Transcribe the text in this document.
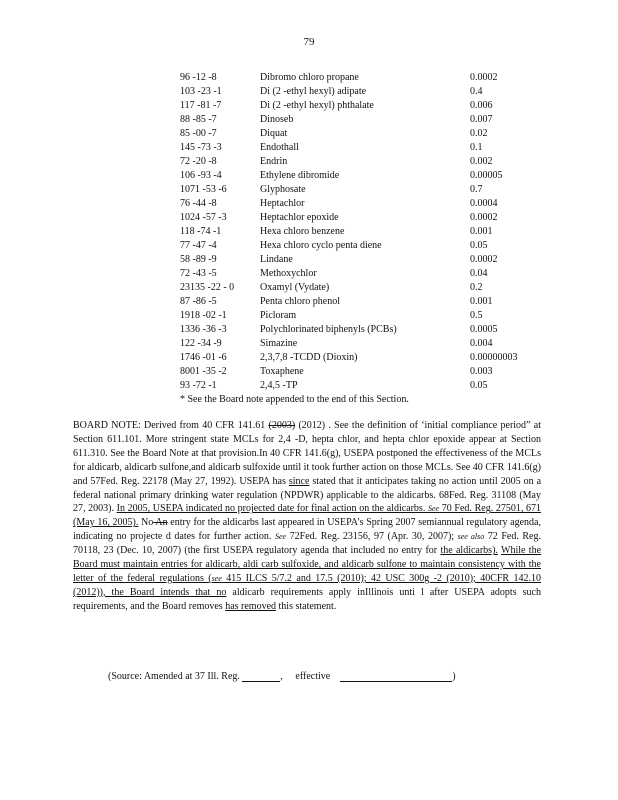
79
96 -12 -8	Dibromo chloro propane	0.0002
103 -23 -1	Di (2 -ethyl hexyl) adipate	0.4
117 -81 -7	Di (2 -ethyl hexyl) phthalate	0.006
88 -85 -7	Dinoseb	0.007
85 -00 -7	Diquat	0.02
145 -73 -3	Endothall	0.1
72 -20 -8	Endrin	0.002
106 -93 -4	Ethylene dibromide	0.00005
1071 -53 -6	Glyphosate	0.7
76 -44 -8	Heptachlor	0.0004
1024 -57 -3	Heptachlor epoxide	0.0002
118 -74 -1	Hexa chloro benzene	0.001
77 -47 -4	Hexa chloro cyclo penta diene	0.05
58 -89 -9	Lindane	0.0002
72 -43 -5	Methoxychlor	0.04
23135 -22 - 0	Oxamyl (Vydate)	0.2
87 -86 -5	Penta chloro phenol	0.001
1918 -02 -1	Picloram	0.5
1336 -36 -3	Polychlorinated biphenyls (PCBs)	0.0005
122 -34 -9	Simazine	0.004
1746 -01 -6	2,3,7,8 -TCDD (Dioxin)	0.00000003
8001 -35 -2	Toxaphene	0.003
93 -72 -1	2,4,5 -TP	0.05
* See the Board note appended to the end of this Section.
BOARD NOTE: Derived from 40 CFR 141.61 (2003) (2012) . See the definition of ‘initial compliance period” at Section 611.101. More stringent state MCLs for 2,4 -D, hepta chlor, and hepta chlor epoxide appear at Section 611.310. See the Board Note at that provision.In 40 CFR 141.6(g), USEPA postponed the effectiveness of the MCLs for aldicarb, aldicarb sulfone,and aldicarb sulfoxide until it took further action on those MCLs. See 40 CFR 141.6(g) and 57Fed. Reg. 22178 (May 27, 1992). USEPA has since stated that it anticipates taking no action until 2005 on a federal national primary drinking water regulation (NPDWR) applicable to the aldicarbs. 68Fed. Reg. 31108 (May 27, 2003). In 2005, USEPA indicated no projected date for final action on the aldicarbs. See 70 Fed. Reg. 27501, 671 (May 16, 2005). No An entry for the aldicarbs last appeared in USEPA’s Spring 2007 semiannual regulatory agenda, indicating no projecte d dates for further action. See 72Fed. Reg. 23156, 97 (Apr. 30, 2007); see also 72 Fed. Reg. 70118, 23 (Dec. 10, 2007) (the first USEPA regulatory agenda that included no entry for the aldicarbs). While the Board must maintain entries for aldicarb, aldi carb sulfoxide, and aldicarb sulfone to maintain consistency with the letter of the federal regulations (see 415 ILCS 5/7.2 and 17.5 (2010); 42 USC 300g -2 (2010); 40CFR 142.10 (2012)), the Board intends that no aldicarb requirements apply inIllinois unti l after USEPA adopts such requirements, and the Board removes has removed this statement.
(Source: Amended at 37 Ill. Reg.	, effective	)
